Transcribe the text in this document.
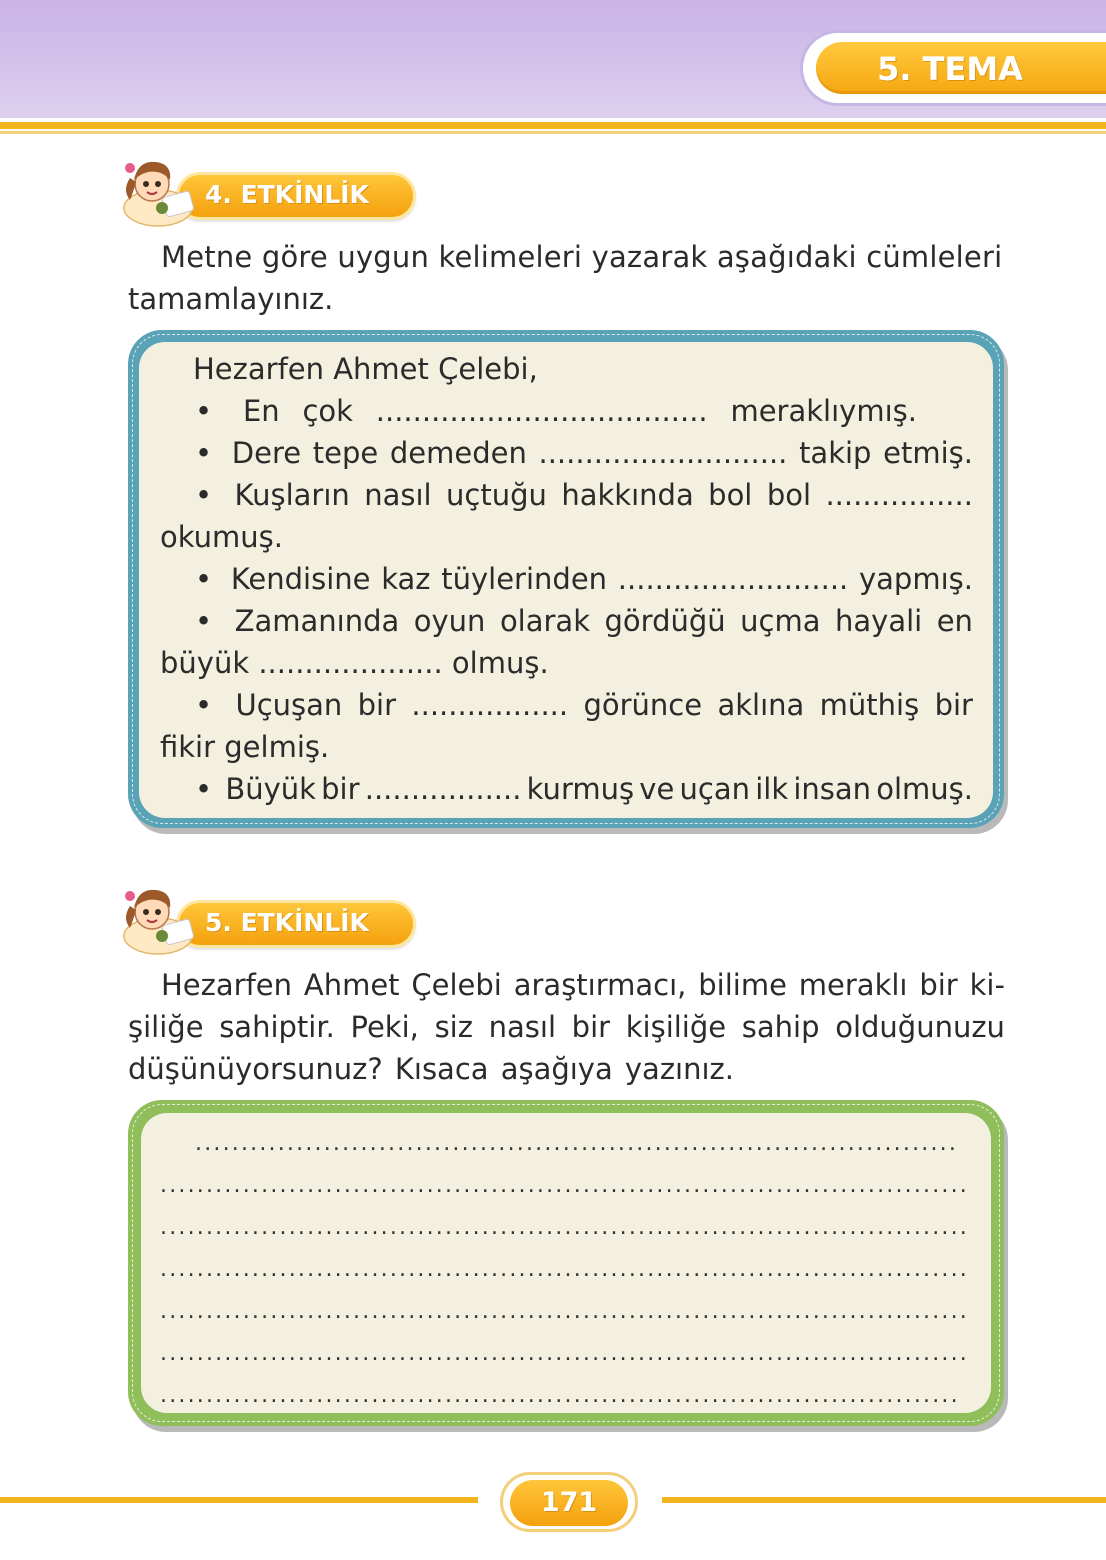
5. TEMA
4. ETKİNLİK
Metne göre uygun kelimeleri yazarak aşağıdaki cümleleri
tamamlayınız.
Hezarfen Ahmet Çelebi,
• En çok .................................... meraklıymış.
• Dere tepe demeden ........................... takip etmiş.
• Kuşların nasıl uçtuğu hakkında bol bol ................
okumuş.
• Kendisine kaz tüylerinden ......................... yapmış.
• Zamanında oyun olarak gördüğü uçma hayali en
büyük .................... olmuş.
• Uçuşan bir ................. görünce aklına müthiş bir
fikir gelmiş.
• Büyük bir ................. kurmuş ve uçan ilk insan olmuş.
5. ETKİNLİK
Hezarfen Ahmet Çelebi araştırmacı, bilime meraklı bir ki-
şiliğe sahiptir. Peki, siz nasıl bir kişiliğe sahip olduğunuzu
düşünüyorsunuz? Kısaca aşağıya yazınız.
...................................................................................
........................................................................................
........................................................................................
........................................................................................
........................................................................................
........................................................................................
.......................................................................................
171
